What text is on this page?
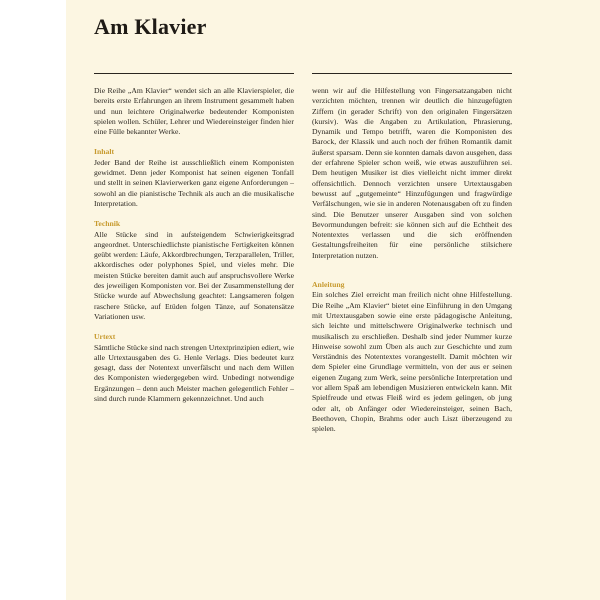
Am Klavier

Die Reihe „Am Klavier“ wendet sich an alle Klavierspieler, die bereits erste Erfahrungen an ihrem Instrument gesammelt haben und nun leichtere Originalwerke bedeutender Komponisten spielen wollen. Schüler, Lehrer und Wiedereinsteiger finden hier eine Fülle bekannter Werke.

Inhalt

Jeder Band der Reihe ist ausschließlich einem Komponisten gewidmet. Denn jeder Komponist hat seinen eigenen Tonfall und stellt in seinen Klavierwerken ganz eigene Anforderungen – sowohl an die pianistische Technik als auch an die musikalische Interpretation.

Technik

Alle Stücke sind in aufsteigendem Schwierigkeitsgrad angeordnet. Unterschiedlichste pianistische Fertigkeiten können geübt werden: Läufe, Akkordbrechungen, Terzparallelen, Triller, akkordisches oder polyphones Spiel, und vieles mehr. Die meisten Stücke bereiten damit auch auf anspruchsvollere Werke des jeweiligen Komponisten vor. Bei der Zusammenstellung der Stücke wurde auf Abwechslung geachtet: Langsameren folgen raschere Stücke, auf Etüden folgen Tänze, auf Sonatensätze Variationen usw.

Urtext

Sämtliche Stücke sind nach strengen Urtextprinzipien ediert, wie alle Urtextausgaben des G. Henle Verlags. Dies bedeutet kurz gesagt, dass der Notentext unverfälscht und nach dem Willen des Komponisten wiedergegeben wird. Unbedingt notwendige Ergänzungen – denn auch Meister machen gelegentlich Fehler – sind durch runde Klammern gekennzeichnet. Und auch

wenn wir auf die Hilfestellung von Fingersatzangaben nicht verzichten möchten, trennen wir deutlich die hinzugefügten Ziffern (in gerader Schrift) von den originalen Fingersätzen (kursiv). Was die Angaben zu Artikulation, Phrasierung, Dynamik und Tempo betrifft, waren die Komponisten des Barock, der Klassik und auch noch der frühen Romantik damit äußerst sparsam. Denn sie konnten damals davon ausgehen, dass der erfahrene Spieler schon weiß, wie etwas auszuführen sei. Dem heutigen Musiker ist dies vielleicht nicht immer direkt offensichtlich. Dennoch verzichten unsere Urtextausgaben bewusst auf „gutgemeinte“ Hinzufügungen und fragwürdige Verfälschungen, wie sie in anderen Notenausgaben oft zu finden sind. Die Benutzer unserer Ausgaben sind von solchen Bevormundungen befreit: sie können sich auf die Echtheit des Notentextes verlassen und die sich eröffnenden Gestaltungsfreiheiten für eine persönliche stilsichere Interpretation nutzen.

Anleitung

Ein solches Ziel erreicht man freilich nicht ohne Hilfestellung. Die Reihe „Am Klavier“ bietet eine Einführung in den Umgang mit Urtextausgaben sowie eine erste pädagogische Anleitung, sich leichte und mittelschwere Originalwerke technisch und musikalisch zu erschließen. Deshalb sind jeder Nummer kurze Hinweise sowohl zum Üben als auch zur Geschichte und zum Verständnis des Notentextes vorangestellt. Damit möchten wir dem Spieler eine Grundlage vermitteln, von der aus er seinen eigenen Zugang zum Werk, seine persönliche Interpretation und vor allem Spaß am lebendigen Musizieren entwickeln kann. Mit Spielfreude und etwas Fleiß wird es jedem gelingen, ob jung oder alt, ob Anfänger oder Wiedereinsteiger, seinen Bach, Beethoven, Chopin, Brahms oder auch Liszt überzeugend zu spielen.
